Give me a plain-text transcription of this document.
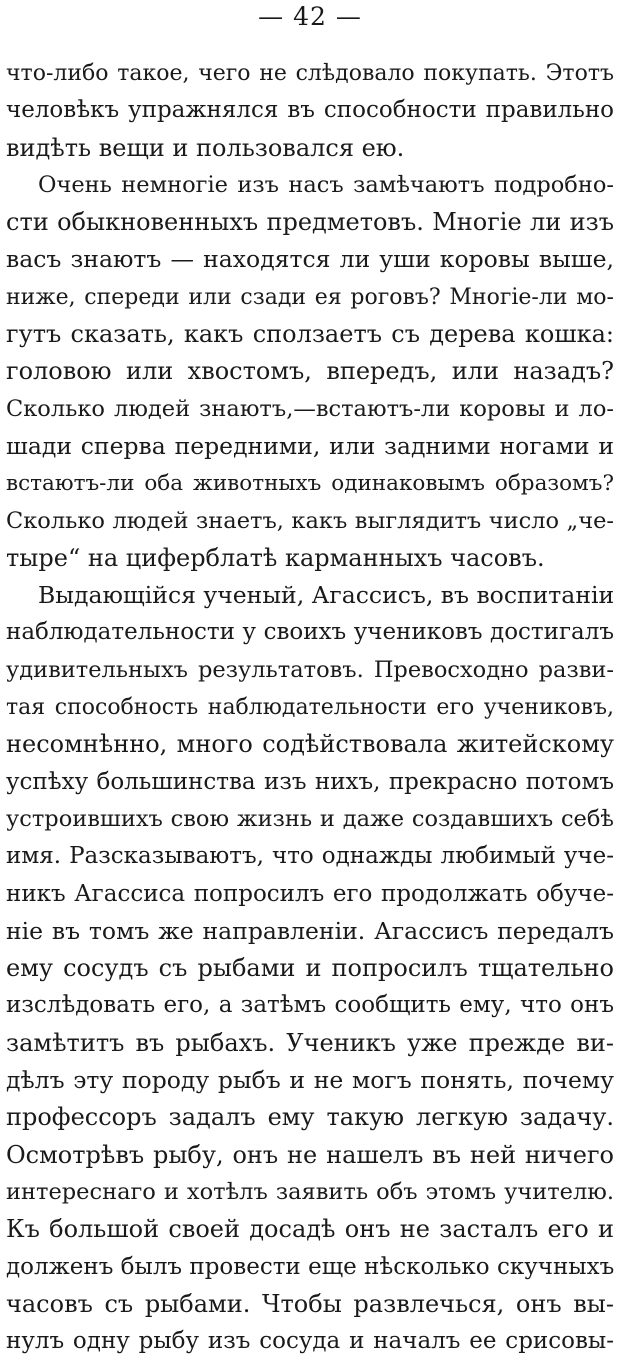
— 42 —
что-либо такое, чего не слѣдовало покупать. Этотъ
человѣкъ упражнялся въ способности правильно
видѣть вещи и пользовался ею.
Очень немногіе изъ насъ замѣчаютъ подробно-
сти обыкновенныхъ предметовъ. Многіе ли изъ
васъ знаютъ — находятся ли уши коровы выше,
ниже, спереди или сзади ея роговъ? Многіе-ли мо-
гутъ сказать, какъ сползаетъ съ дерева кошка:
головою или хвостомъ, впередъ, или назадъ?
Сколько людей знаютъ,—встаютъ-ли коровы и ло-
шади сперва передними, или задними ногами и
встаютъ-ли оба животныхъ одинаковымъ образомъ?
Сколько людей знаетъ, какъ выглядитъ число „че-
тыре“ на циферблатѣ карманныхъ часовъ.
Выдающійся ученый, Агассисъ, въ воспитаніи
наблюдательности у своихъ учениковъ достигалъ
удивительныхъ результатовъ. Превосходно разви-
тая способность наблюдательности его учениковъ,
несомнѣнно, много содѣйствовала житейскому
успѣху большинства изъ нихъ, прекрасно потомъ
устроившихъ свою жизнь и даже создавшихъ себѣ
имя. Разсказываютъ, что однажды любимый уче-
никъ Агассиса попросилъ его продолжать обуче-
ніе въ томъ же направленіи. Агассисъ передалъ
ему сосудъ съ рыбами и попросилъ тщательно
изслѣдовать его, а затѣмъ сообщить ему, что онъ
замѣтитъ въ рыбахъ. Ученикъ уже прежде ви-
дѣлъ эту породу рыбъ и не могъ понять, почему
профессоръ задалъ ему такую легкую задачу.
Осмотрѣвъ рыбу, онъ не нашелъ въ ней ничего
интереснаго и хотѣлъ заявить объ этомъ учителю.
Къ большой своей досадѣ онъ не засталъ его и
долженъ былъ провести еще нѣсколько скучныхъ
часовъ съ рыбами. Чтобы развлечься, онъ вы-
нулъ одну рыбу изъ сосуда и началъ ее срисовы-
